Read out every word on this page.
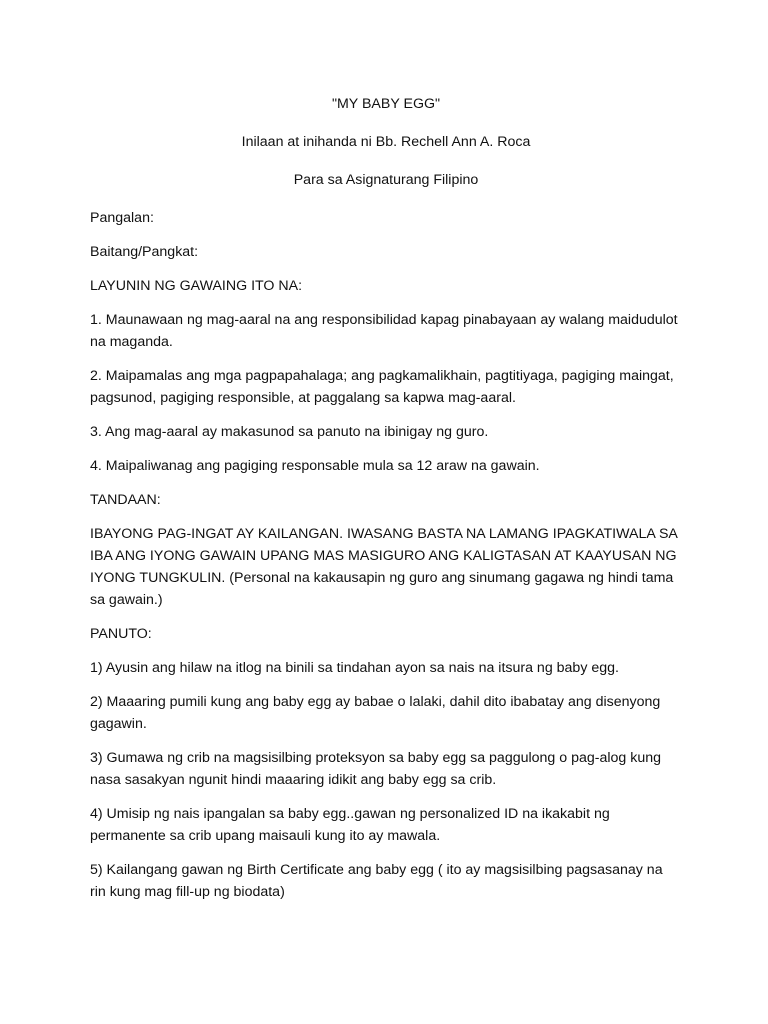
"MY BABY EGG"
Inilaan at inihanda ni Bb. Rechell Ann A. Roca
Para sa Asignaturang Filipino
Pangalan:
Baitang/Pangkat:
LAYUNIN NG GAWAING ITO NA:
1. Maunawaan ng mag-aaral na ang responsibilidad kapag pinabayaan ay walang maidudulot na maganda.
2. Maipamalas ang mga pagpapahalaga; ang pagkamalikhain, pagtitiyaga, pagiging maingat, pagsunod, pagiging responsible, at paggalang sa kapwa mag-aaral.
3. Ang mag-aaral ay makasunod sa panuto na ibinigay ng guro.
4. Maipaliwanag ang pagiging responsable mula sa 12 araw na gawain.
TANDAAN:
IBAYONG PAG-INGAT AY KAILANGAN. IWASANG BASTA NA LAMANG IPAGKATIWALA SA IBA ANG IYONG GAWAIN UPANG MAS MASIGURO ANG KALIGTASAN AT KAAYUSAN NG IYONG TUNGKULIN. (Personal na kakausapin ng guro ang sinumang gagawa ng hindi tama sa gawain.)
PANUTO:
1) Ayusin ang hilaw na itlog na binili sa tindahan ayon sa nais na itsura ng baby egg.
2) Maaaring pumili kung ang baby egg ay babae o lalaki, dahil dito ibabatay ang disenyong gagawin.
3) Gumawa ng crib na magsisilbing proteksyon sa baby egg sa paggulong o pag-alog kung nasa sasakyan ngunit hindi maaaring idikit ang baby egg sa crib.
4) Umisip ng nais ipangalan sa baby egg..gawan ng personalized ID na ikakabit ng permanente sa crib upang maisauli kung ito ay mawala.
5) Kailangang gawan ng Birth Certificate ang baby egg ( ito ay magsisilbing pagsasanay na rin kung mag fill-up ng biodata)
